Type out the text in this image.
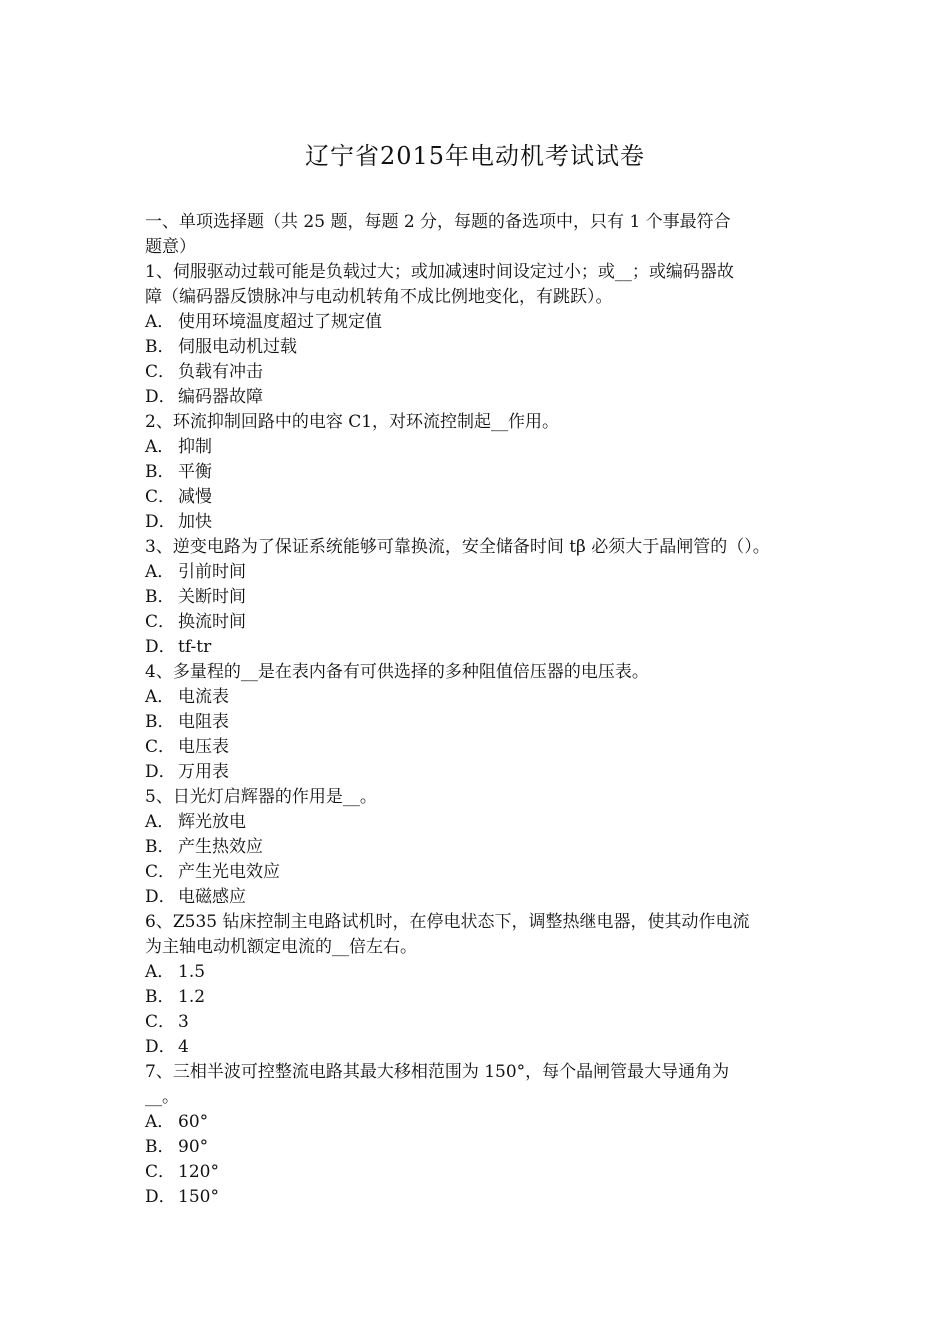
辽宁省2015年电动机考试试卷
一、单项选择题（共 25 题，每题 2 分，每题的备选项中，只有 1 个事最符合
题意）
1、伺服驱动过载可能是负载过大；或加减速时间设定过小；或__；或编码器故
障（编码器反馈脉冲与电动机转角不成比例地变化，有跳跃）。
A． 使用环境温度超过了规定值
B． 伺服电动机过载
C． 负载有冲击
D． 编码器故障
2、环流抑制回路中的电容 C1，对环流控制起__作用。
A． 抑制
B． 平衡
C． 减慢
D． 加快
3、逆变电路为了保证系统能够可靠换流，安全储备时间 tβ 必须大于晶闸管的（）。
A． 引前时间
B． 关断时间
C． 换流时间
D． tf-tr
4、多量程的__是在表内备有可供选择的多种阻值倍压器的电压表。
A． 电流表
B． 电阻表
C． 电压表
D． 万用表
5、日光灯启辉器的作用是__。
A． 辉光放电
B． 产生热效应
C． 产生光电效应
D． 电磁感应
6、Z535 钻床控制主电路试机时，在停电状态下，调整热继电器，使其动作电流
为主轴电动机额定电流的__倍左右。
A． 1.5
B． 1.2
C． 3
D． 4
7、三相半波可控整流电路其最大移相范围为 150°，每个晶闸管最大导通角为
__。
A． 60°
B． 90°
C． 120°
D． 150°
